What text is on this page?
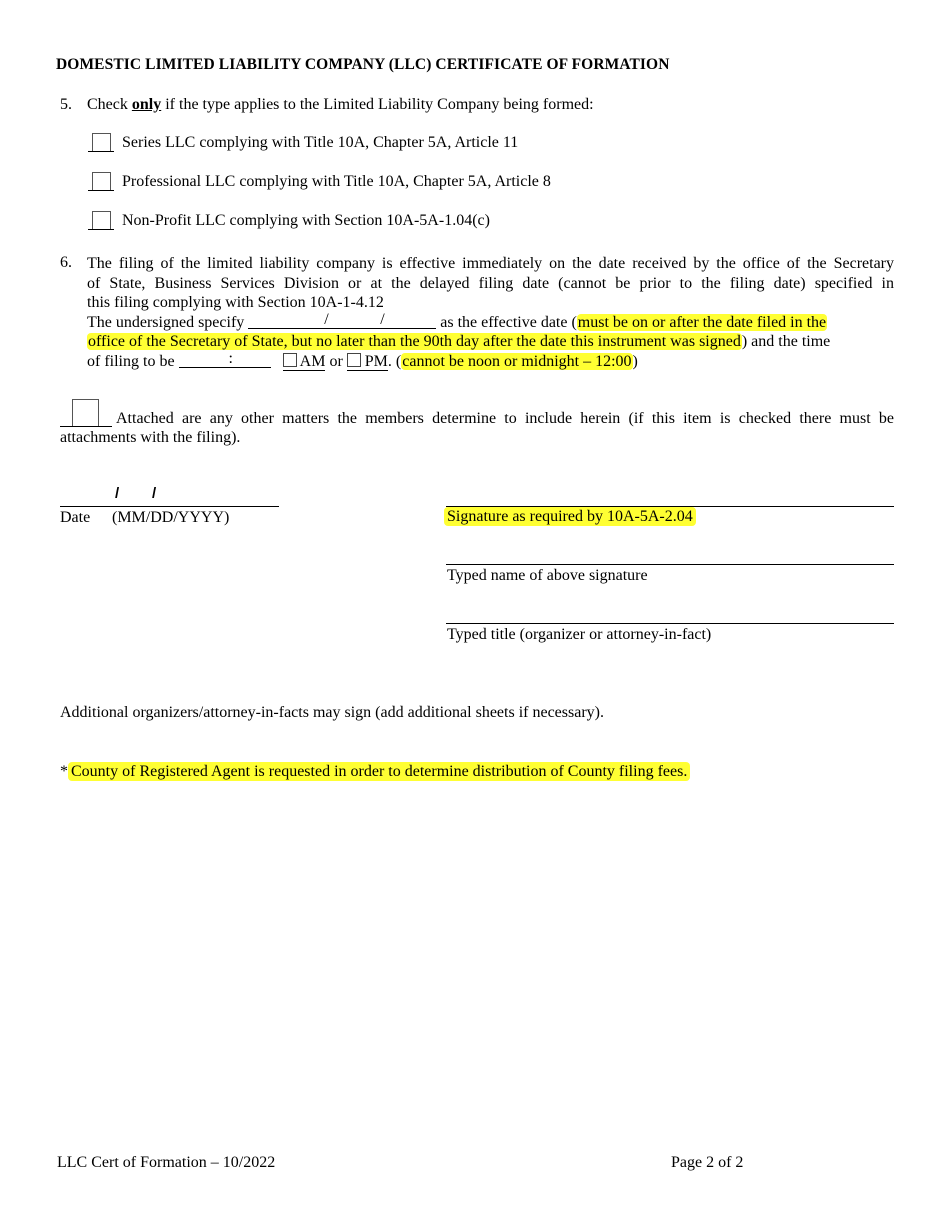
DOMESTIC LIMITED LIABILITY COMPANY (LLC) CERTIFICATE OF FORMATION
5. Check only if the type applies to the Limited Liability Company being formed:
Series LLC complying with Title 10A, Chapter 5A, Article 11
Professional LLC complying with Title 10A, Chapter 5A, Article 8
Non-Profit LLC complying with Section 10A-5A-1.04(c)
6. The filing of the limited liability company is effective immediately on the date received by the office of the Secretary
of State, Business Services Division or at the delayed filing date (cannot be prior to the filing date) specified in
this filing complying with Section 10A-1-4.12
The undersigned specify	/	/	as the effective date (must be on or after the date filed in the
office of the Secretary of State, but no later than the 90th day after the date this instrument was signed) and the time
of filing to be	:	AM or PM. (cannot be noon or midnight – 12:00)
Attached are any other matters the members determine to include herein (if this item is checked there must be
attachments with the filing).
/ /
Date (MM/DD/YYYY)	Signature as required by 10A-5A-2.04
Typed name of above signature
Typed title (organizer or attorney-in-fact)
Additional organizers/attorney-in-facts may sign (add additional sheets if necessary).
* County of Registered Agent is requested in order to determine distribution of County filing fees.
LLC Cert of Formation – 10/2022	Page 2 of 2
